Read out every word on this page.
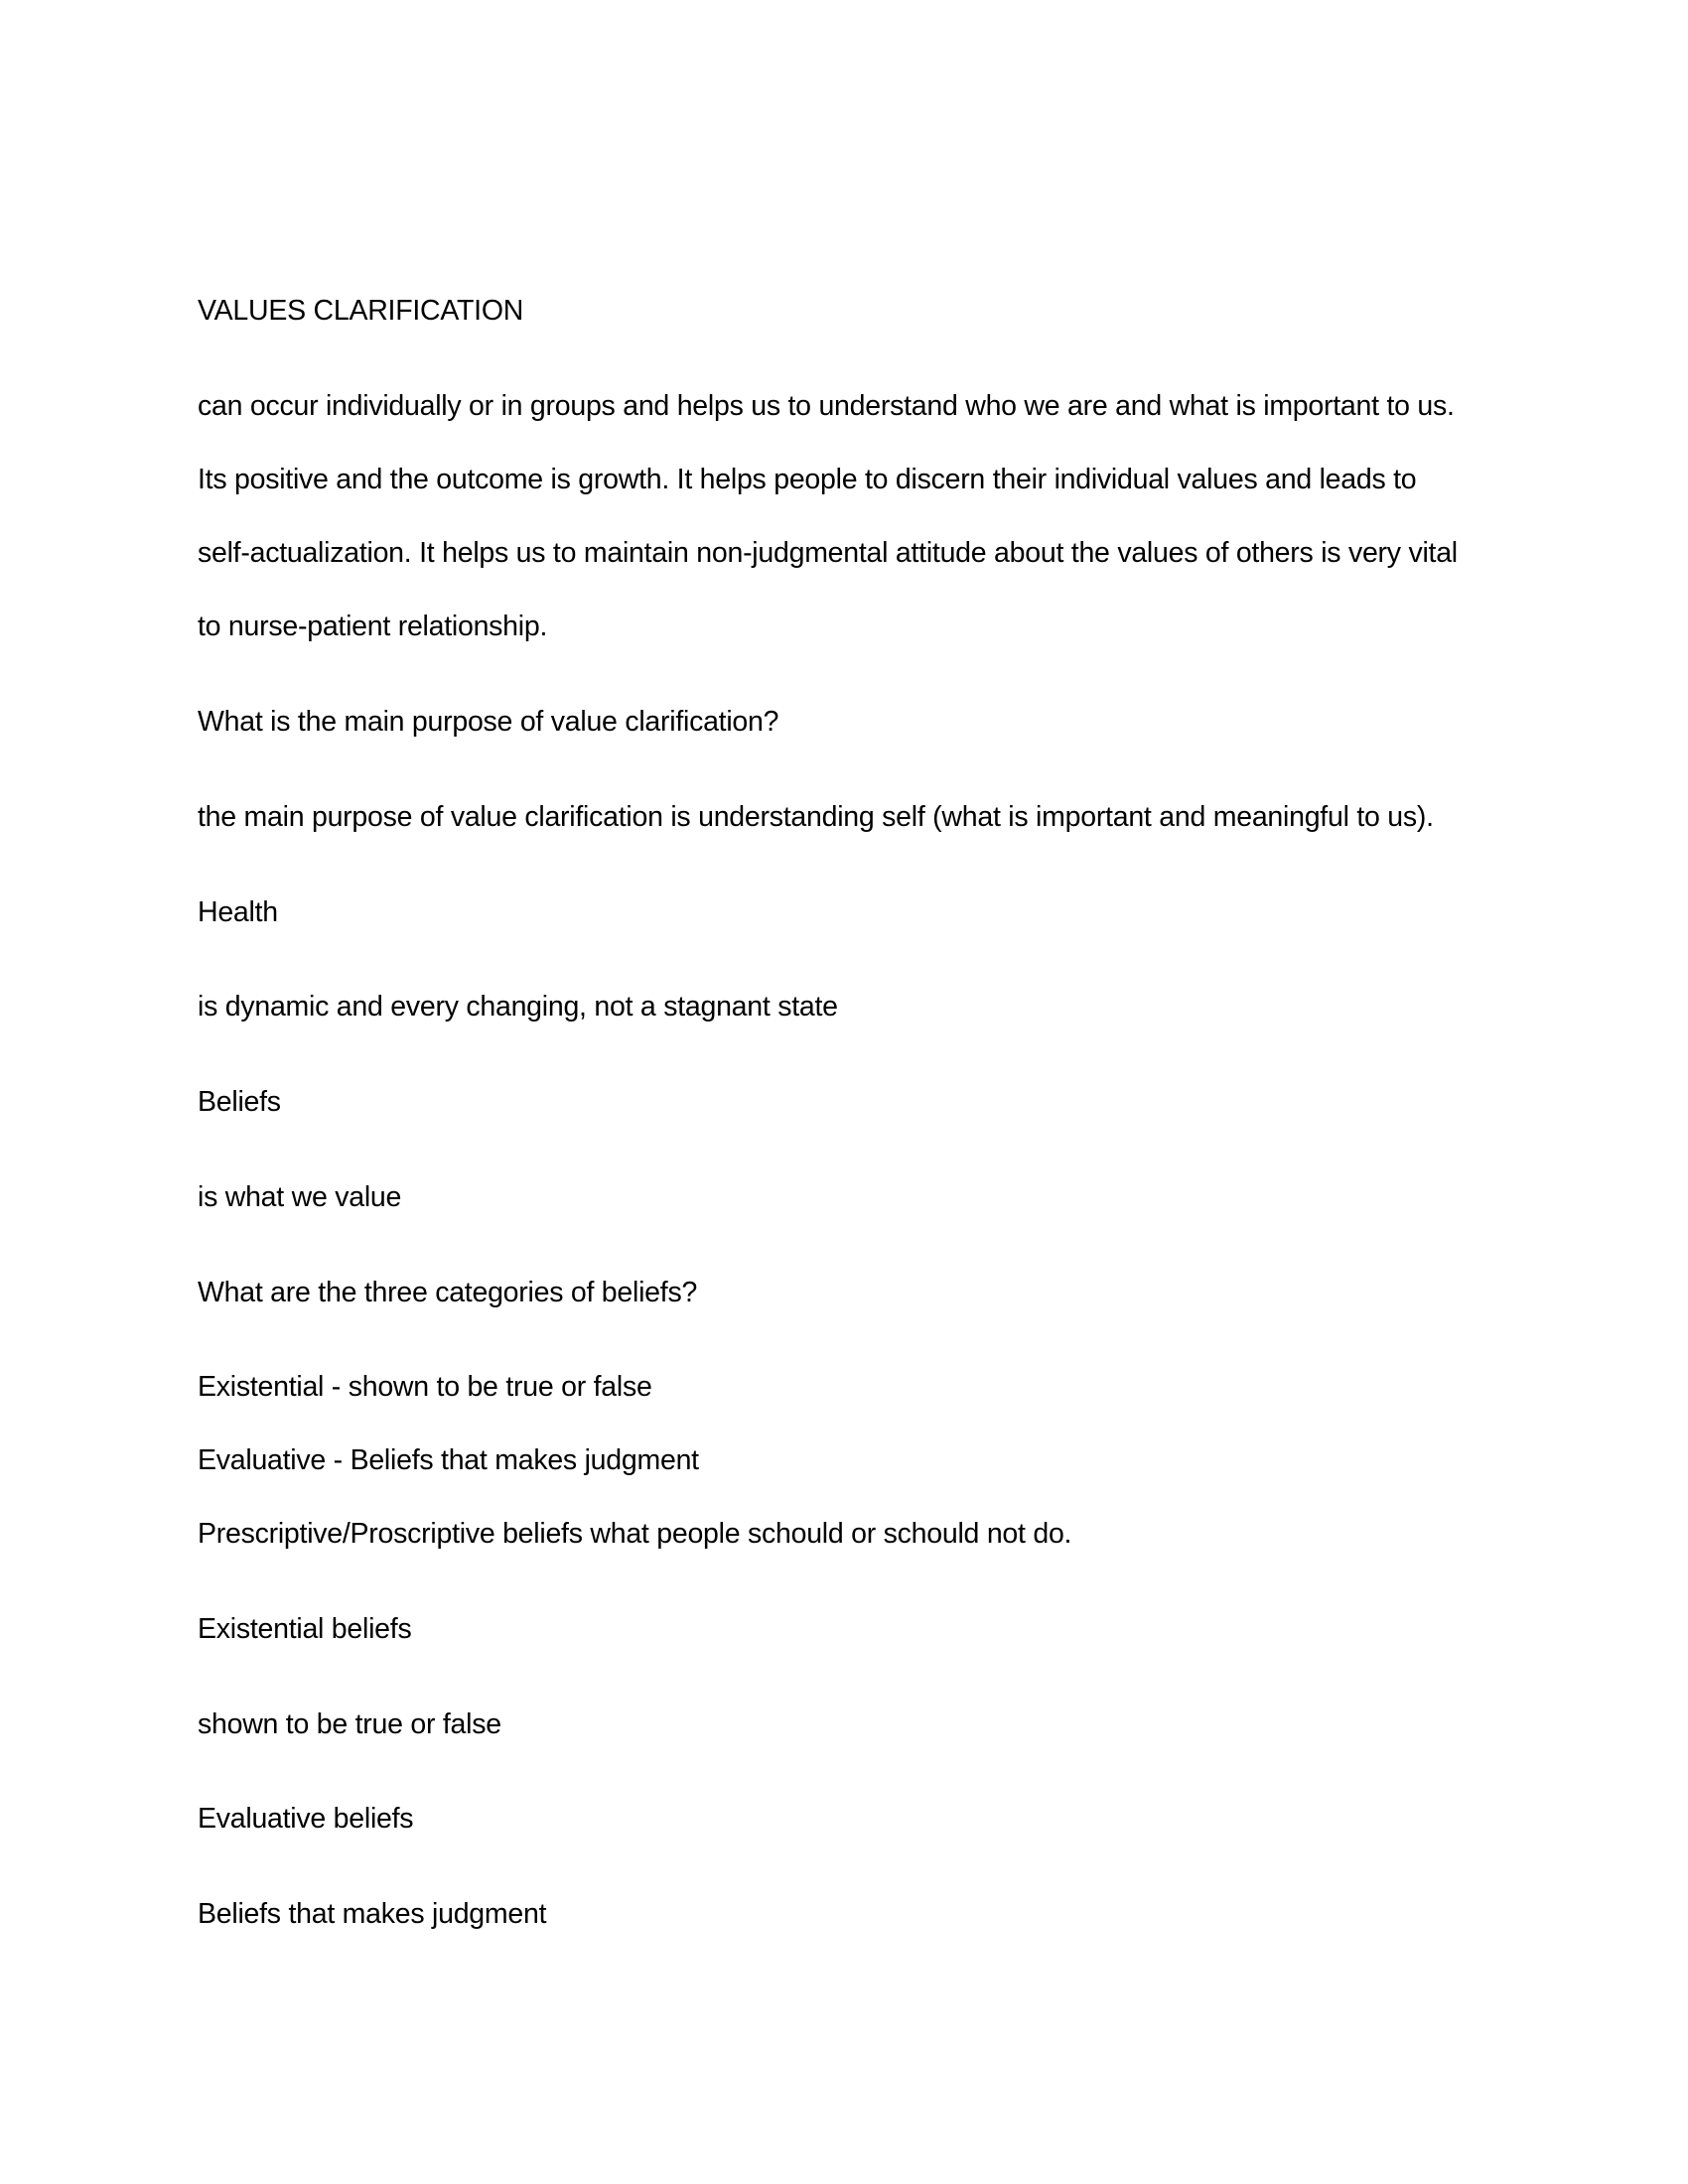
VALUES CLARIFICATION

can occur individually or in groups and helps us to understand who we are and what is important to us.

Its positive and the outcome is growth. It helps people to discern their individual values and leads to

self-actualization. It helps us to maintain non-judgmental attitude about the values of others is very vital

to nurse-patient relationship.

What is the main purpose of value clarification?

the main purpose of value clarification is understanding self (what is important and meaningful to us).

Health

is dynamic and every changing, not a stagnant state

Beliefs

is what we value

What are the three categories of beliefs?

Existential - shown to be true or false

Evaluative - Beliefs that makes judgment

Prescriptive/Proscriptive beliefs what people schould or schould not do.

Existential beliefs

shown to be true or false

Evaluative beliefs

Beliefs that makes judgment
